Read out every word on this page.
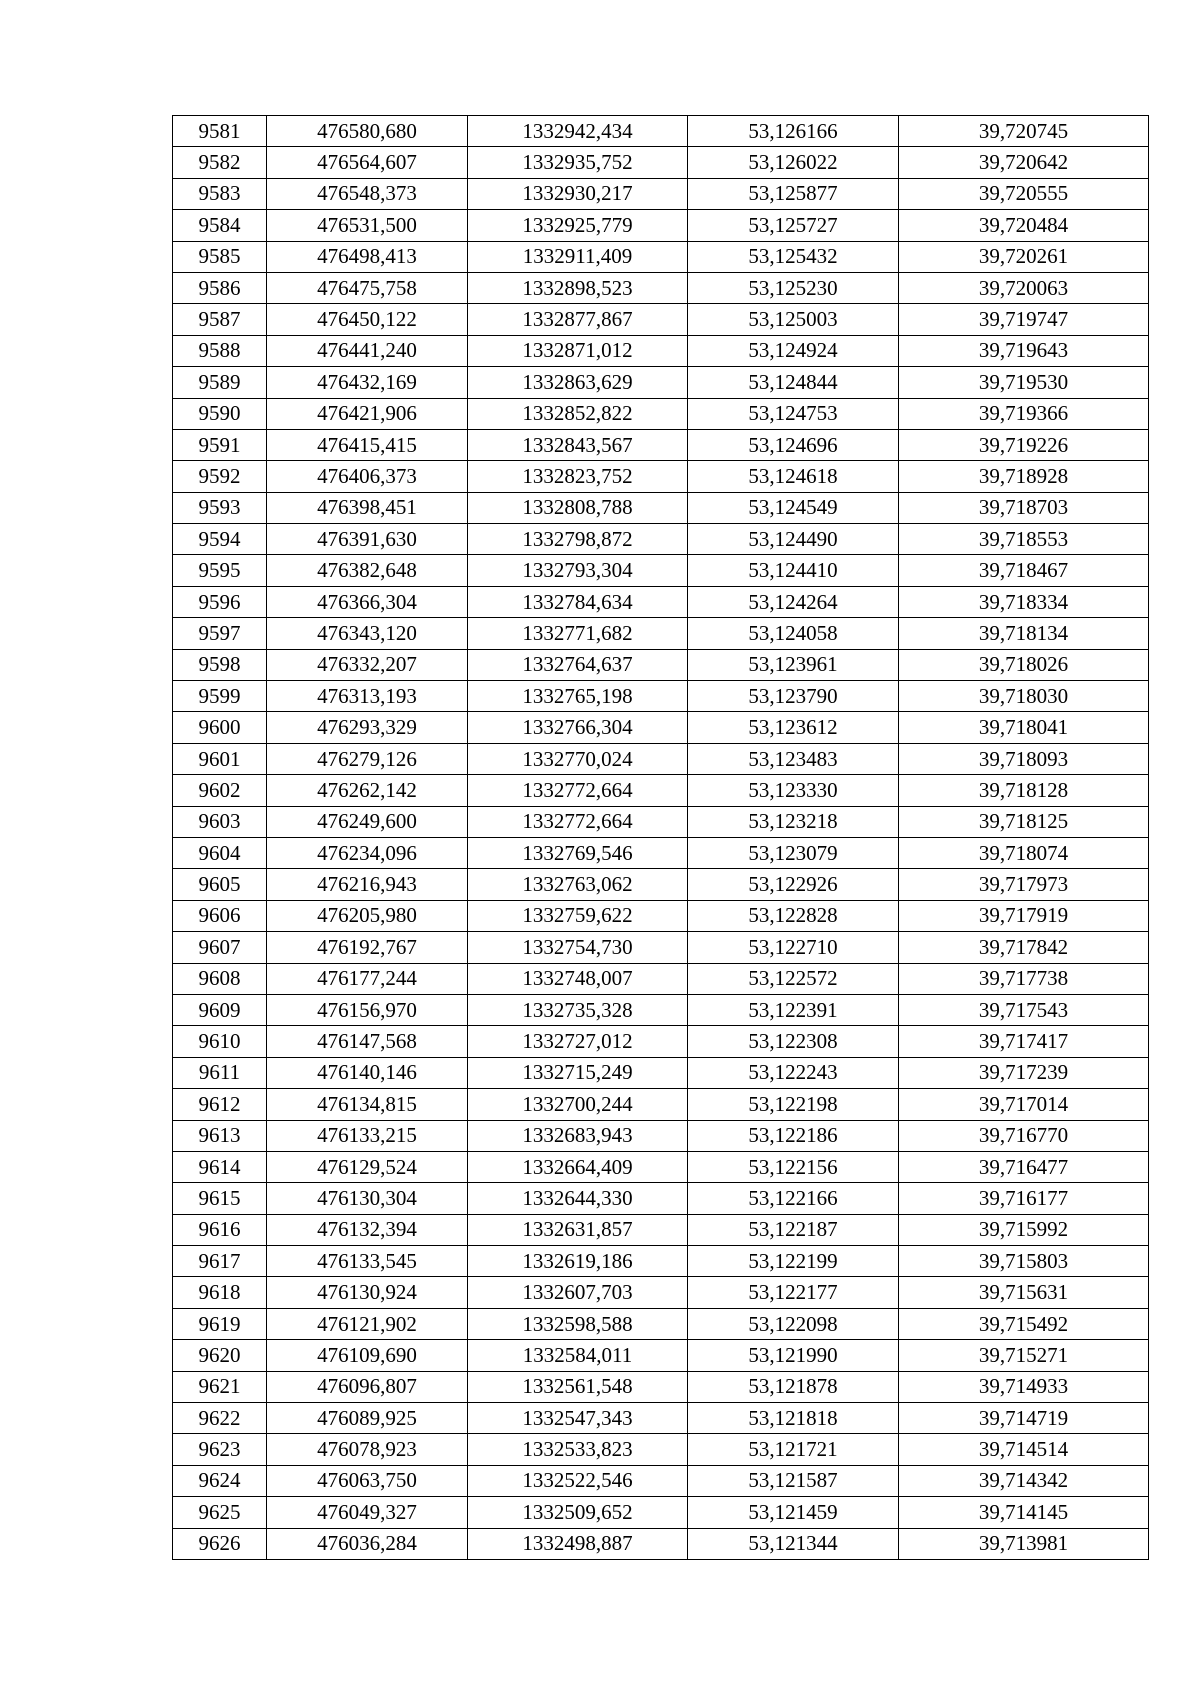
9581	476580,680	1332942,434	53,126166	39,720745
9582	476564,607	1332935,752	53,126022	39,720642
9583	476548,373	1332930,217	53,125877	39,720555
9584	476531,500	1332925,779	53,125727	39,720484
9585	476498,413	1332911,409	53,125432	39,720261
9586	476475,758	1332898,523	53,125230	39,720063
9587	476450,122	1332877,867	53,125003	39,719747
9588	476441,240	1332871,012	53,124924	39,719643
9589	476432,169	1332863,629	53,124844	39,719530
9590	476421,906	1332852,822	53,124753	39,719366
9591	476415,415	1332843,567	53,124696	39,719226
9592	476406,373	1332823,752	53,124618	39,718928
9593	476398,451	1332808,788	53,124549	39,718703
9594	476391,630	1332798,872	53,124490	39,718553
9595	476382,648	1332793,304	53,124410	39,718467
9596	476366,304	1332784,634	53,124264	39,718334
9597	476343,120	1332771,682	53,124058	39,718134
9598	476332,207	1332764,637	53,123961	39,718026
9599	476313,193	1332765,198	53,123790	39,718030
9600	476293,329	1332766,304	53,123612	39,718041
9601	476279,126	1332770,024	53,123483	39,718093
9602	476262,142	1332772,664	53,123330	39,718128
9603	476249,600	1332772,664	53,123218	39,718125
9604	476234,096	1332769,546	53,123079	39,718074
9605	476216,943	1332763,062	53,122926	39,717973
9606	476205,980	1332759,622	53,122828	39,717919
9607	476192,767	1332754,730	53,122710	39,717842
9608	476177,244	1332748,007	53,122572	39,717738
9609	476156,970	1332735,328	53,122391	39,717543
9610	476147,568	1332727,012	53,122308	39,717417
9611	476140,146	1332715,249	53,122243	39,717239
9612	476134,815	1332700,244	53,122198	39,717014
9613	476133,215	1332683,943	53,122186	39,716770
9614	476129,524	1332664,409	53,122156	39,716477
9615	476130,304	1332644,330	53,122166	39,716177
9616	476132,394	1332631,857	53,122187	39,715992
9617	476133,545	1332619,186	53,122199	39,715803
9618	476130,924	1332607,703	53,122177	39,715631
9619	476121,902	1332598,588	53,122098	39,715492
9620	476109,690	1332584,011	53,121990	39,715271
9621	476096,807	1332561,548	53,121878	39,714933
9622	476089,925	1332547,343	53,121818	39,714719
9623	476078,923	1332533,823	53,121721	39,714514
9624	476063,750	1332522,546	53,121587	39,714342
9625	476049,327	1332509,652	53,121459	39,714145
9626	476036,284	1332498,887	53,121344	39,713981
